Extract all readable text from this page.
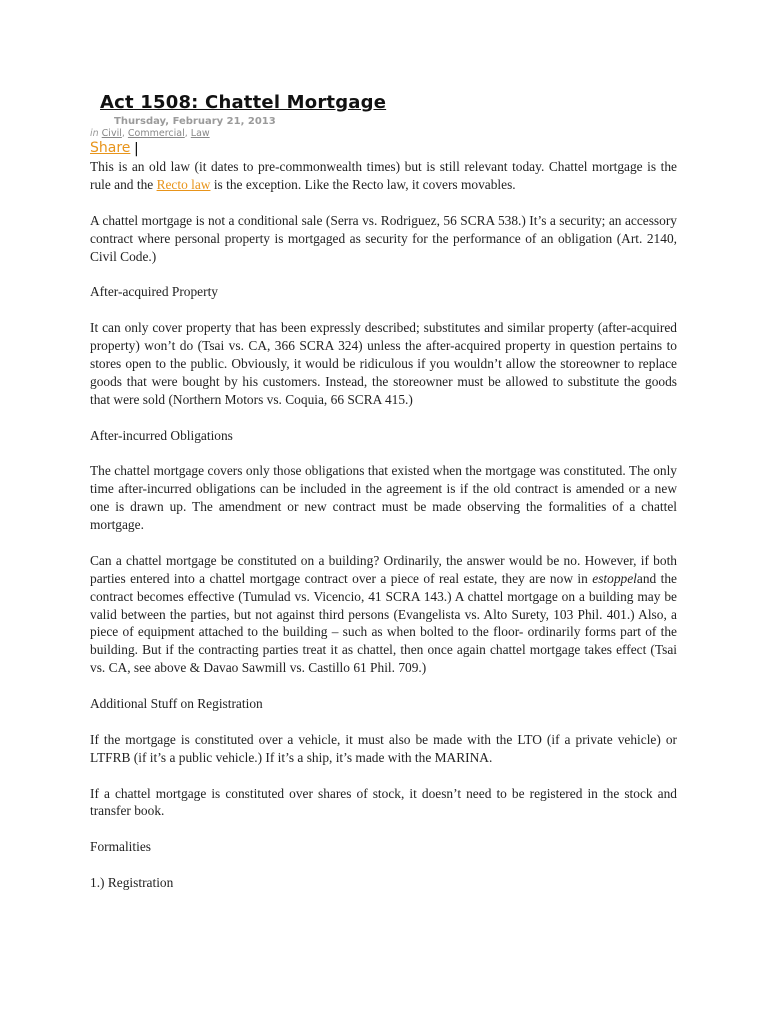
Act 1508: Chattel Mortgage
Thursday, February 21, 2013
in Civil, Commercial, Law
Share |

This is an old law (it dates to pre-commonwealth times) but is still relevant today. Chattel mortgage is the rule and the Recto law is the exception. Like the Recto law, it covers movables.

A chattel mortgage is not a conditional sale (Serra vs. Rodriguez, 56 SCRA 538.) It’s a security; an accessory contract where personal property is mortgaged as security for the performance of an obligation (Art. 2140, Civil Code.)

After-acquired Property

It can only cover property that has been expressly described; substitutes and similar property (after-acquired property) won’t do (Tsai vs. CA, 366 SCRA 324) unless the after-acquired property in question pertains to stores open to the public. Obviously, it would be ridiculous if you wouldn’t allow the storeowner to replace goods that were bought by his customers. Instead, the storeowner must be allowed to substitute the goods that were sold (Northern Motors vs. Coquia, 66 SCRA 415.)

After-incurred Obligations

The chattel mortgage covers only those obligations that existed when the mortgage was constituted. The only time after-incurred obligations can be included in the agreement is if the old contract is amended or a new one is drawn up. The amendment or new contract must be made observing the formalities of a chattel mortgage.

Can a chattel mortgage be constituted on a building? Ordinarily, the answer would be no. However, if both parties entered into a chattel mortgage contract over a piece of real estate, they are now in estoppeland the contract becomes effective (Tumulad vs. Vicencio, 41 SCRA 143.) A chattel mortgage on a building may be valid between the parties, but not against third persons (Evangelista vs. Alto Surety, 103 Phil. 401.) Also, a piece of equipment attached to the building – such as when bolted to the floor- ordinarily forms part of the building. But if the contracting parties treat it as chattel, then once again chattel mortgage takes effect (Tsai vs. CA, see above & Davao Sawmill vs. Castillo 61 Phil. 709.)

Additional Stuff on Registration

If the mortgage is constituted over a vehicle, it must also be made with the LTO (if a private vehicle) or LTFRB (if it’s a public vehicle.) If it’s a ship, it’s made with the MARINA.

If a chattel mortgage is constituted over shares of stock, it doesn’t need to be registered in the stock and transfer book.

Formalities

1.) Registration
